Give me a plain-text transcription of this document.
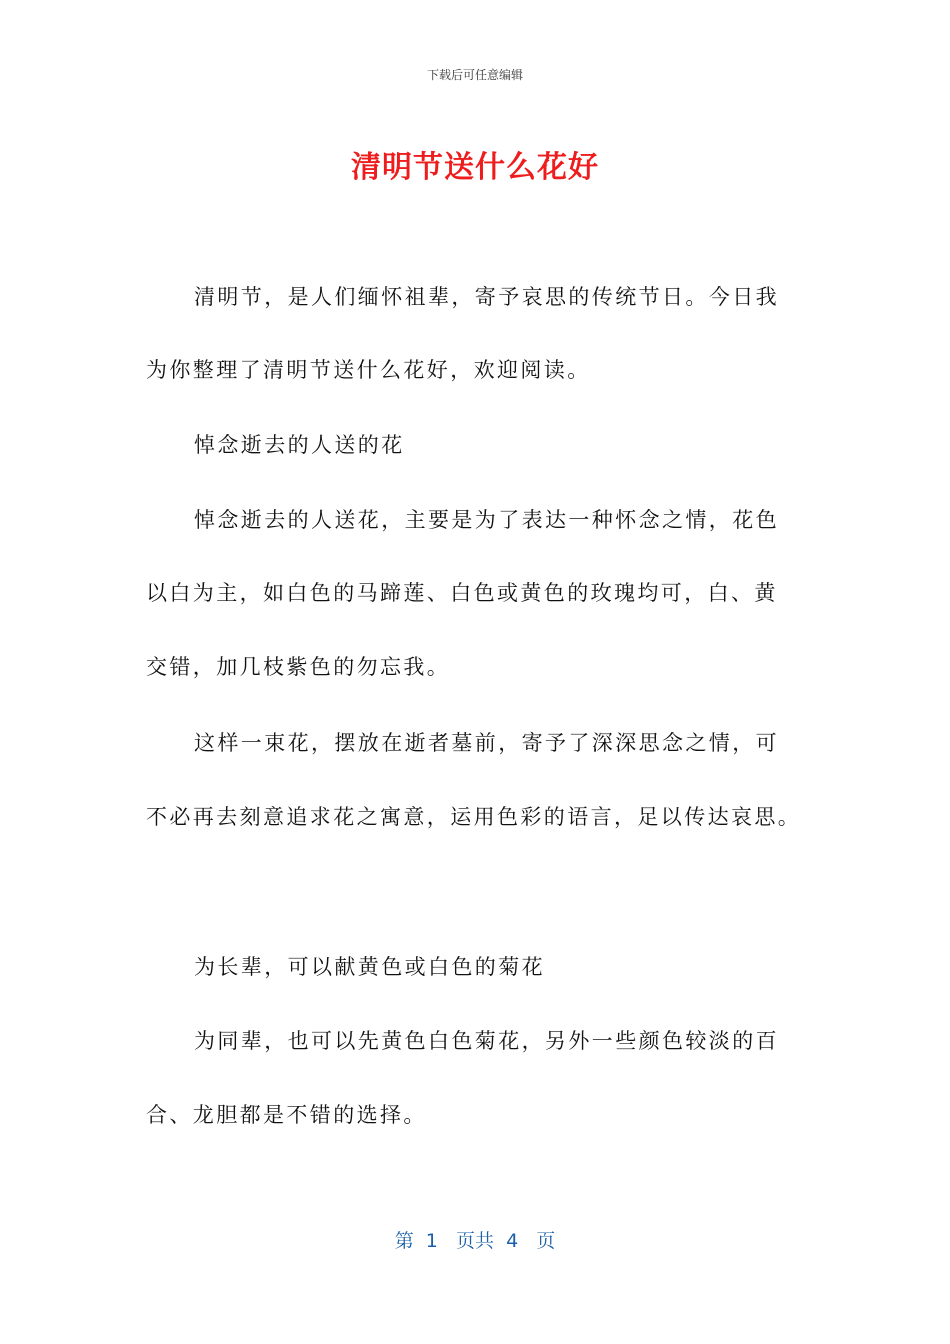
下载后可任意编辑
清明节送什么花好
清明节，是人们缅怀祖辈，寄予哀思的传统节日。今日我
为你整理了清明节送什么花好，欢迎阅读。
悼念逝去的人送的花
悼念逝去的人送花，主要是为了表达一种怀念之情，花色
以白为主，如白色的马蹄莲、白色或黄色的玫瑰均可，白、黄
交错，加几枝紫色的勿忘我。
这样一束花，摆放在逝者墓前，寄予了深深思念之情，可
不必再去刻意追求花之寓意，运用色彩的语言，足以传达哀思。
为长辈，可以献黄色或白色的菊花
为同辈，也可以先黄色白色菊花，另外一些颜色较淡的百
合、龙胆都是不错的选择。
第  1   页共  4   页
